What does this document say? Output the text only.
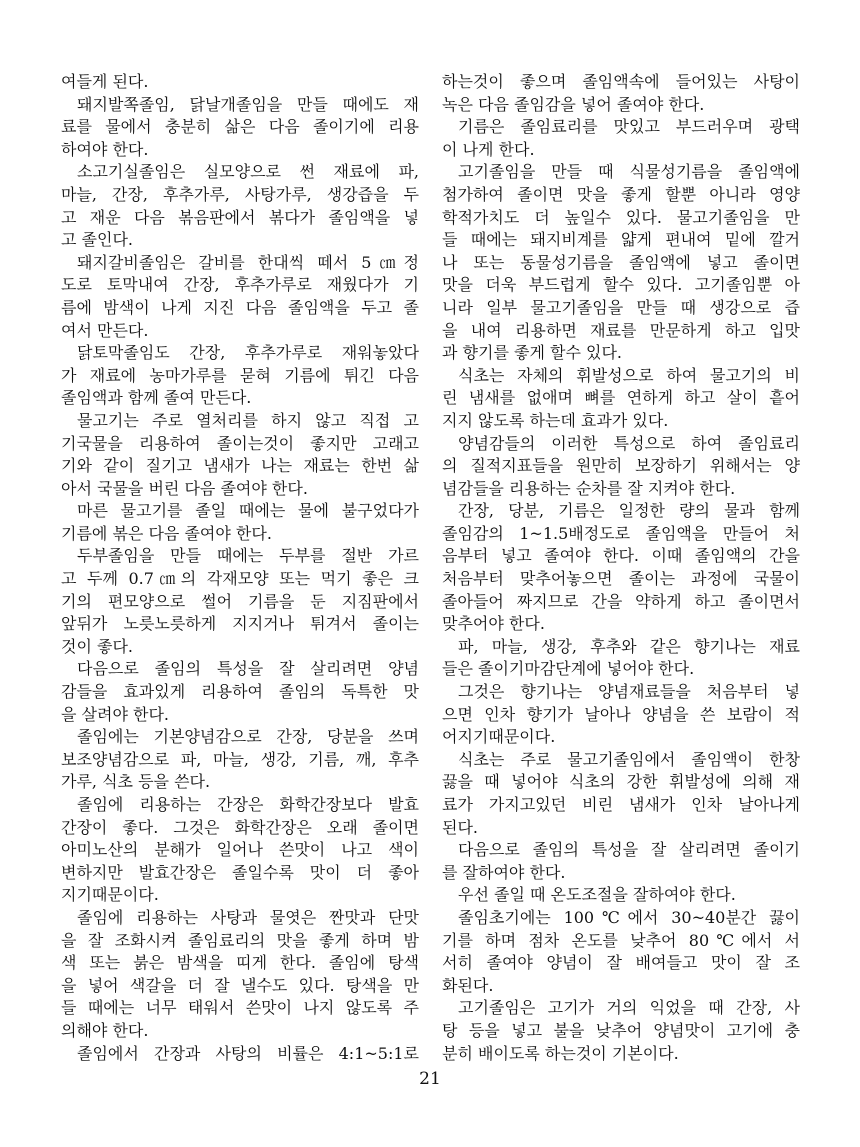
여들게 된다.
돼지발쪽졸임, 닭날개졸임을 만들 때에도 재
료를 물에서 충분히 삶은 다음 졸이기에 리용
하여야 한다.
소고기실졸임은 실모양으로 썬 재료에 파,
마늘, 간장, 후추가루, 사탕가루, 생강즙을 두
고 재운 다음 볶음판에서 볶다가 졸임액을 넣
고 졸인다.
돼지갈비졸임은 갈비를 한대씩 떼서 5㎝정
도로 토막내여 간장, 후추가루로 재웠다가 기
름에 밤색이 나게 지진 다음 졸임액을 두고 졸
여서 만든다.
닭토막졸임도 간장, 후추가루로 재워놓았다
가 재료에 농마가루를 묻혀 기름에 튀긴 다음
졸임액과 함께 졸여 만든다.
물고기는 주로 열처리를 하지 않고 직접 고
기국물을 리용하여 졸이는것이 좋지만 고래고
기와 같이 질기고 냄새가 나는 재료는 한번 삶
아서 국물을 버린 다음 졸여야 한다.
마른 물고기를 졸일 때에는 물에 불구었다가
기름에 볶은 다음 졸여야 한다.
두부졸임을 만들 때에는 두부를 절반 가르
고 두께 0.7㎝의 각재모양 또는 먹기 좋은 크
기의 편모양으로 썰어 기름을 둔 지짐판에서
앞뒤가 노릇노릇하게 지지거나 튀겨서 졸이는
것이 좋다.
다음으로 졸임의 특성을 잘 살리려면 양념
감들을 효과있게 리용하여 졸임의 독특한 맛
을 살려야 한다.
졸임에는 기본양념감으로 간장, 당분을 쓰며
보조양념감으로 파, 마늘, 생강, 기름, 깨, 후추
가루, 식초 등을 쓴다.
졸임에 리용하는 간장은 화학간장보다 발효
간장이 좋다. 그것은 화학간장은 오래 졸이면
아미노산의 분해가 일어나 쓴맛이 나고 색이
변하지만 발효간장은 졸일수록 맛이 더 좋아
지기때문이다.
졸임에 리용하는 사탕과 물엿은 짠맛과 단맛
을 잘 조화시켜 졸임료리의 맛을 좋게 하며 밤
색 또는 붉은 밤색을 띠게 한다. 졸임에 탕색
을 넣어 색갈을 더 잘 낼수도 있다. 탕색을 만
들 때에는 너무 태워서 쓴맛이 나지 않도록 주
의해야 한다.
졸임에서 간장과 사탕의 비률은 4:1~5:1로
하는것이 좋으며 졸임액속에 들어있는 사탕이
녹은 다음 졸임감을 넣어 졸여야 한다.
기름은 졸임료리를 맛있고 부드러우며 광택
이 나게 한다.
고기졸임을 만들 때 식물성기름을 졸임액에
첨가하여 졸이면 맛을 좋게 할뿐 아니라 영양
학적가치도 더 높일수 있다. 물고기졸임을 만
들 때에는 돼지비계를 얇게 편내여 밑에 깔거
나 또는 동물성기름을 졸임액에 넣고 졸이면
맛을 더욱 부드럽게 할수 있다. 고기졸임뿐 아
니라 일부 물고기졸임을 만들 때 생강으로 즙
을 내여 리용하면 재료를 만문하게 하고 입맛
과 향기를 좋게 할수 있다.
식초는 자체의 휘발성으로 하여 물고기의 비
린 냄새를 없애며 뼈를 연하게 하고 살이 흩어
지지 않도록 하는데 효과가 있다.
양념감들의 이러한 특성으로 하여 졸임료리
의 질적지표들을 원만히 보장하기 위해서는 양
념감들을 리용하는 순차를 잘 지켜야 한다.
간장, 당분, 기름은 일정한 량의 물과 함께
졸임감의 1~1.5배정도로 졸임액을 만들어 처
음부터 넣고 졸여야 한다. 이때 졸임액의 간을
처음부터 맞추어놓으면 졸이는 과정에 국물이
졸아들어 짜지므로 간을 약하게 하고 졸이면서
맞추어야 한다.
파, 마늘, 생강, 후추와 같은 향기나는 재료
들은 졸이기마감단계에 넣어야 한다.
그것은 향기나는 양념재료들을 처음부터 넣
으면 인차 향기가 날아나 양념을 쓴 보람이 적
어지기때문이다.
식초는 주로 물고기졸임에서 졸임액이 한창
끓을 때 넣어야 식초의 강한 휘발성에 의해 재
료가 가지고있던 비린 냄새가 인차 날아나게
된다.
다음으로 졸임의 특성을 잘 살리려면 졸이기
를 잘하여야 한다.
우선 졸일 때 온도조절을 잘하여야 한다.
졸임초기에는 100℃에서 30~40분간 끓이
기를 하며 점차 온도를 낮추어 80℃에서 서
서히 졸여야 양념이 잘 배여들고 맛이 잘 조
화된다.
고기졸임은 고기가 거의 익었을 때 간장, 사
탕 등을 넣고 불을 낮추어 양념맛이 고기에 충
분히 배이도록 하는것이 기본이다.
21
